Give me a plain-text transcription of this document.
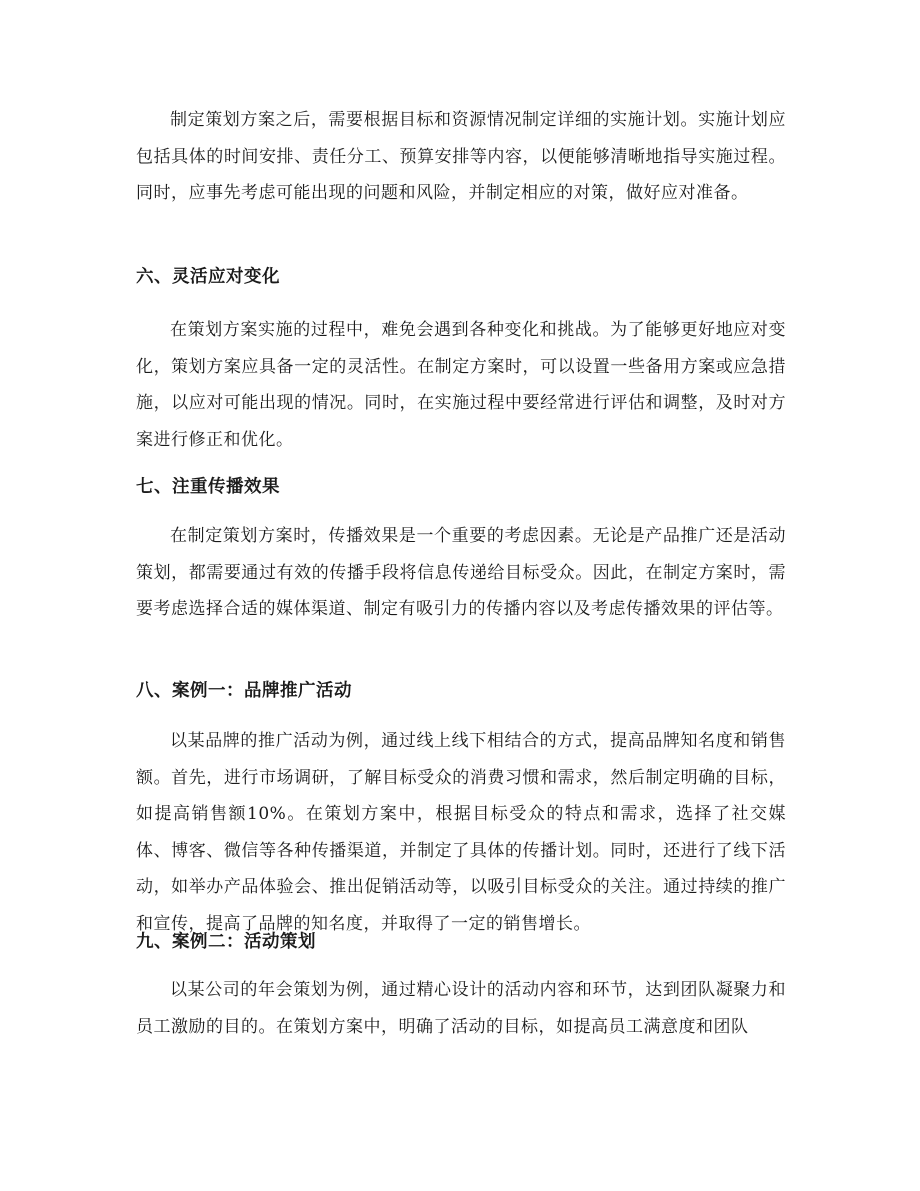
制定策划方案之后，需要根据目标和资源情况制定详细的实施计划。实施计划应包括具体的时间安排、责任分工、预算安排等内容，以便能够清晰地指导实施过程。同时，应事先考虑可能出现的问题和风险，并制定相应的对策，做好应对准备。

六、灵活应对变化

在策划方案实施的过程中，难免会遇到各种变化和挑战。为了能够更好地应对变化，策划方案应具备一定的灵活性。在制定方案时，可以设置一些备用方案或应急措施，以应对可能出现的情况。同时，在实施过程中要经常进行评估和调整，及时对方案进行修正和优化。

七、注重传播效果

在制定策划方案时，传播效果是一个重要的考虑因素。无论是产品推广还是活动策划，都需要通过有效的传播手段将信息传递给目标受众。因此，在制定方案时，需要考虑选择合适的媒体渠道、制定有吸引力的传播内容以及考虑传播效果的评估等。

八、案例一：品牌推广活动

以某品牌的推广活动为例，通过线上线下相结合的方式，提高品牌知名度和销售额。首先，进行市场调研，了解目标受众的消费习惯和需求，然后制定明确的目标，如提高销售额10%。在策划方案中，根据目标受众的特点和需求，选择了社交媒体、博客、微信等各种传播渠道，并制定了具体的传播计划。同时，还进行了线下活动，如举办产品体验会、推出促销活动等，以吸引目标受众的关注。通过持续的推广和宣传，提高了品牌的知名度，并取得了一定的销售增长。

九、案例二：活动策划

以某公司的年会策划为例，通过精心设计的活动内容和环节，达到团队凝聚力和员工激励的目的。在策划方案中，明确了活动的目标，如提高员工满意度和团队
